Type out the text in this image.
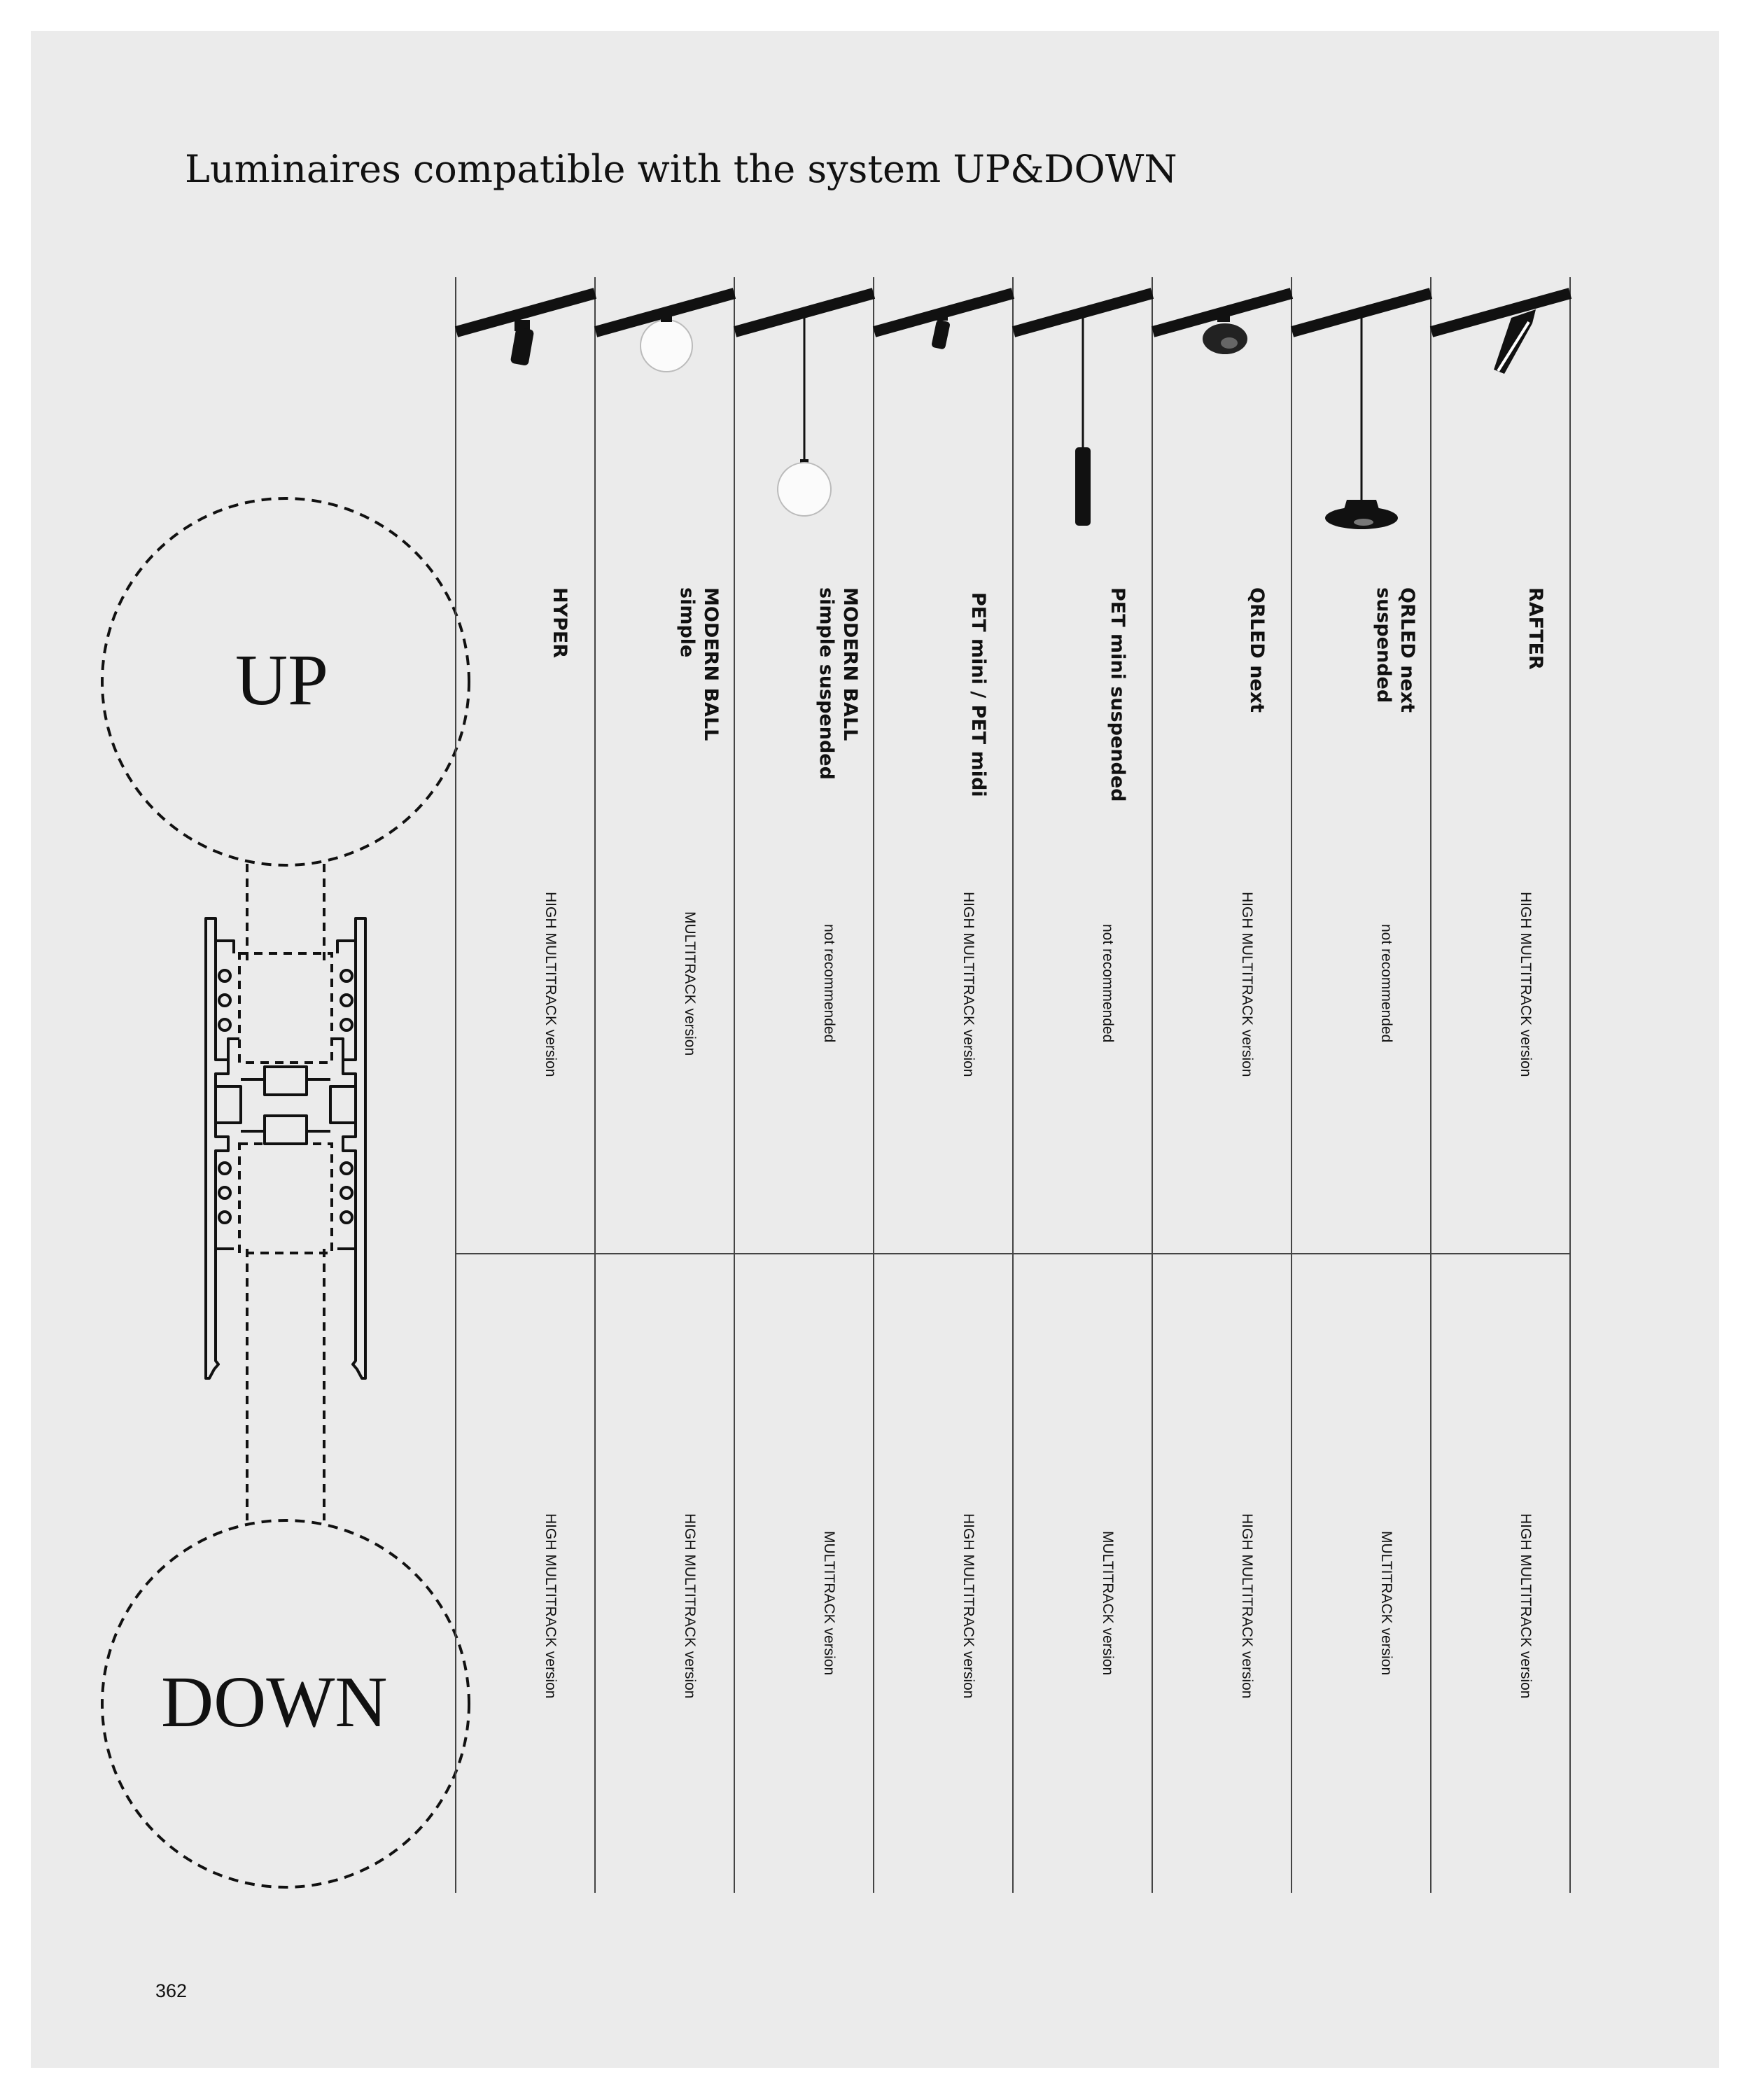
Luminaires compatible with the system UP&DOWN
UP
DOWN
HYPER
HIGH MULTITRACK version
HIGH MULTITRACK version
MODERN BALL
simple
MULTITRACK version
HIGH MULTITRACK version
MODERN BALL
simple suspended
not recommended
MULTITRACK version
PET mini / PET midi
HIGH MULTITRACK version
HIGH MULTITRACK version
PET mini suspended
not recommended
MULTITRACK version
QRLED next
HIGH MULTITRACK version
HIGH MULTITRACK version
QRLED next
suspended
not recommended
MULTITRACK version
RAFTER
HIGH MULTITRACK version
HIGH MULTITRACK version
362
